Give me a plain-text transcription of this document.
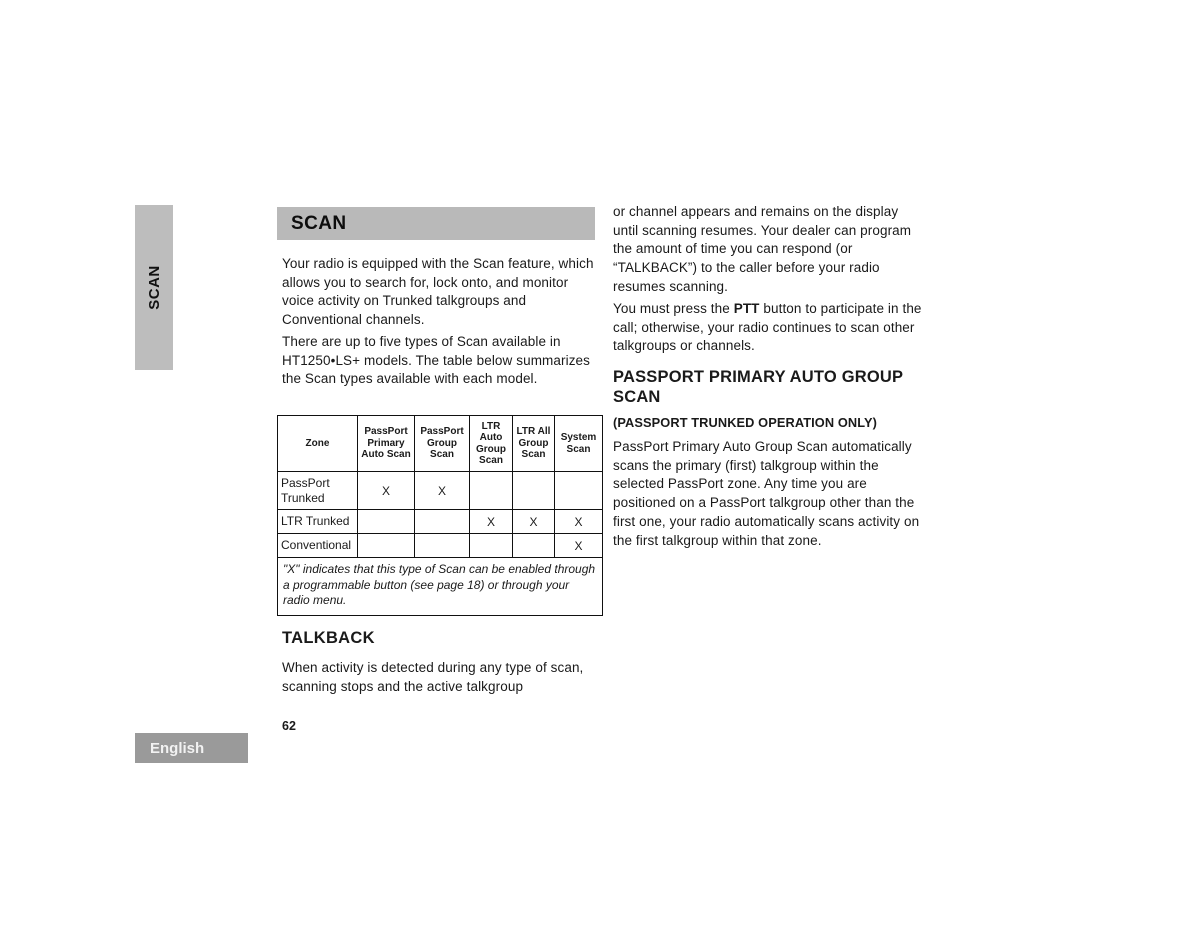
SCAN
SCAN

Your radio is equipped with the Scan feature, which allows you to search for, lock onto, and monitor voice activity on Trunked talkgroups and Conventional channels.

There are up to five types of Scan available in HT1250•LS+ models. The table below summarizes the Scan types available with each model.

Zone	PassPort Primary Auto Scan	PassPort Group Scan	LTR Auto Group Scan	LTR All Group Scan	System Scan
PassPort Trunked	X	X			
LTR Trunked			X	X	X
Conventional					X
"X" indicates that this type of Scan can be enabled through a programmable button (see page 18) or through your radio menu.					
TALKBACK

When activity is detected during any type of scan, scanning stops and the active talkgroup

62
English

or channel appears and remains on the display until scanning resumes. Your dealer can program the amount of time you can respond (or “TALKBACK”) to the caller before your radio resumes scanning.

You must press the PTT button to participate in the call; otherwise, your radio continues to scan other talkgroups or channels.

PASSPORT PRIMARY AUTO GROUP SCAN
(PASSPORT TRUNKED OPERATION ONLY)

PassPort Primary Auto Group Scan automatically scans the primary (first) talkgroup within the selected PassPort zone. Any time you are positioned on a PassPort talkgroup other than the first one, your radio automatically scans activity on the first talkgroup within that zone.
